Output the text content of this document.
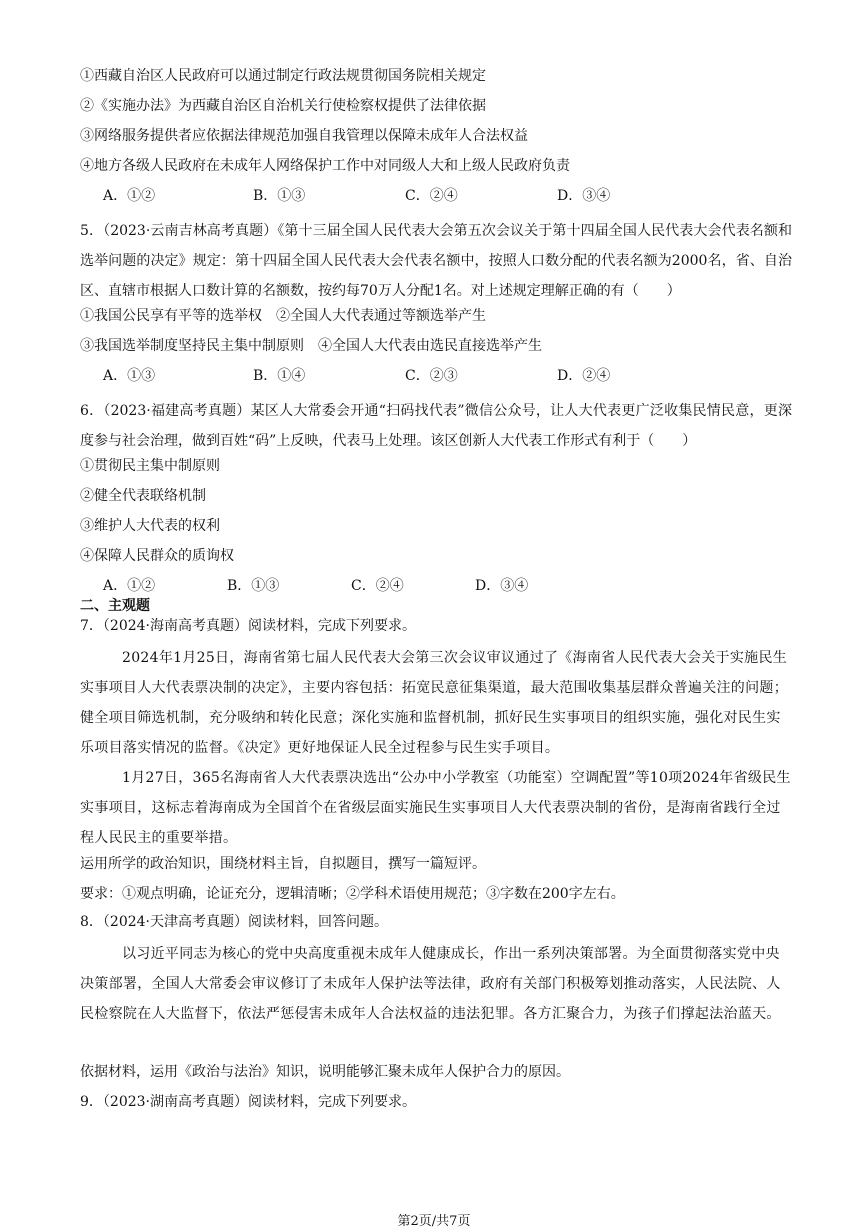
①西藏自治区人民政府可以通过制定行政法规贯彻国务院相关规定
②《实施办法》为西藏自治区自治机关行使检察权提供了法律依据
③网络服务提供者应依据法律规范加强自我管理以保障未成年人合法权益
④地方各级人民政府在未成年人网络保护工作中对同级人大和上级人民政府负责
A．①②	B．①③	C．②④	D．③④
5．（2023·云南吉林高考真题）《第十三届全国人民代表大会第五次会议关于第十四届全国人民代表大会代表名额和选举问题的决定》规定：第十四届全国人民代表大会代表名额中，按照人口数分配的代表名额为2000名，省、自治区、直辖市根据人口数计算的名额数，按约每70万人分配1名。对上述规定理解正确的有（　　）
①我国公民享有平等的选举权　②全国人大代表通过等额选举产生
③我国选举制度坚持民主集中制原则　④全国人大代表由选民直接选举产生
A．①③	B．①④	C．②③	D．②④
6．（2023·福建高考真题）某区人大常委会开通“扫码找代表”微信公众号，让人大代表更广泛收集民情民意，更深度参与社会治理，做到百姓“码”上反映，代表马上处理。该区创新人大代表工作形式有利于（　　）
①贯彻民主集中制原则
②健全代表联络机制
③维护人大代表的权利
④保障人民群众的质询权
A．①②	B．①③	C．②④	D．③④
二、主观题
7．（2024·海南高考真题）阅读材料，完成下列要求。

2024年1月25日，海南省第七届人民代表大会第三次会议审议通过了《海南省人民代表大会关于实施民生实事项目人大代表票决制的决定》，主要内容包括：拓宽民意征集渠道，最大范围收集基层群众普遍关注的问题；健全项目筛选机制，充分吸纳和转化民意；深化实施和监督机制，抓好民生实事项目的组织实施，强化对民生实乐项目落实情况的监督。《决定》更好地保证人民全过程参与民生实手项目。

1月27日，365名海南省人大代表票决选出“公办中小学教室（功能室）空调配置”等10项2024年省级民生实事项目，这标志着海南成为全国首个在省级层面实施民生实事项目人大代表票决制的省份，是海南省践行全过程人民民主的重要举措。

运用所学的政治知识，围绕材料主旨，自拟题目，撰写一篇短评。
要求：①观点明确，论证充分，逻辑清晰；②学科术语使用规范；③字数在200字左右。
8．（2024·天津高考真题）阅读材料，回答问题。

以习近平同志为核心的党中央高度重视未成年人健康成长，作出一系列决策部署。为全面贯彻落实党中央决策部署，全国人大常委会审议修订了未成年人保护法等法律，政府有关部门积极筹划推动落实，人民法院、人民检察院在人大监督下，依法严惩侵害未成年人合法权益的违法犯罪。各方汇聚合力，为孩子们撑起法治蓝天。

依据材料，运用《政治与法治》知识，说明能够汇聚未成年人保护合力的原因。
9．（2023·湖南高考真题）阅读材料，完成下列要求。
第2页/共7页
